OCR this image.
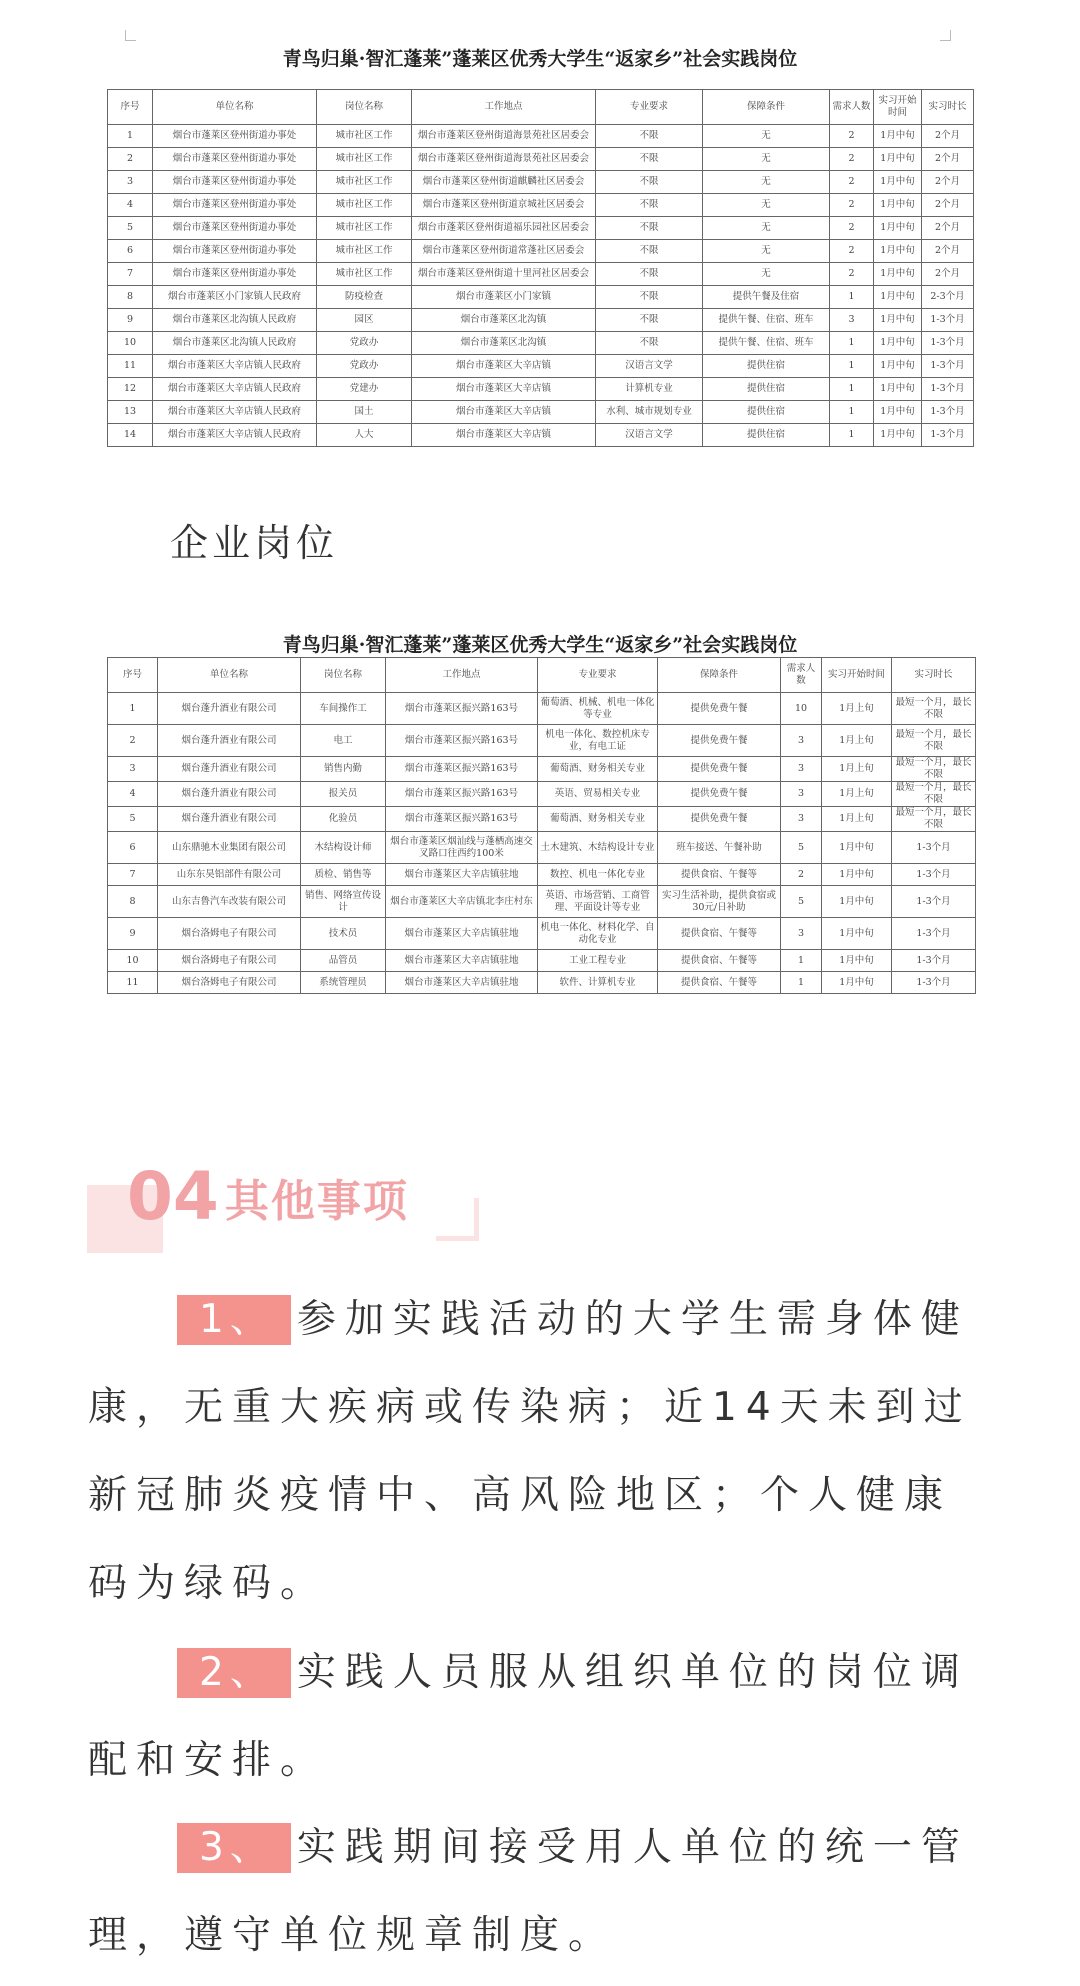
青鸟归巢·智汇蓬莱”蓬莱区优秀大学生“返家乡”社会实践岗位
序号	单位名称	岗位名称	工作地点	专业要求	保障条件	需求人数	实习开始时间	实习时长
1	烟台市蓬莱区登州街道办事处	城市社区工作	烟台市蓬莱区登州街道海景苑社区居委会	不限	无	2	1月中旬	2个月
2	烟台市蓬莱区登州街道办事处	城市社区工作	烟台市蓬莱区登州街道海景苑社区居委会	不限	无	2	1月中旬	2个月
3	烟台市蓬莱区登州街道办事处	城市社区工作	烟台市蓬莱区登州街道麒麟社区居委会	不限	无	2	1月中旬	2个月
4	烟台市蓬莱区登州街道办事处	城市社区工作	烟台市蓬莱区登州街道京城社区居委会	不限	无	2	1月中旬	2个月
5	烟台市蓬莱区登州街道办事处	城市社区工作	烟台市蓬莱区登州街道福乐园社区居委会	不限	无	2	1月中旬	2个月
6	烟台市蓬莱区登州街道办事处	城市社区工作	烟台市蓬莱区登州街道常蓬社区居委会	不限	无	2	1月中旬	2个月
7	烟台市蓬莱区登州街道办事处	城市社区工作	烟台市蓬莱区登州街道十里河社区居委会	不限	无	2	1月中旬	2个月
8	烟台市蓬莱区小门家镇人民政府	防疫检查	烟台市蓬莱区小门家镇	不限	提供午餐及住宿	1	1月中旬	2-3个月
9	烟台市蓬莱区北沟镇人民政府	园区	烟台市蓬莱区北沟镇	不限	提供午餐、住宿、班车	3	1月中旬	1-3个月
10	烟台市蓬莱区北沟镇人民政府	党政办	烟台市蓬莱区北沟镇	不限	提供午餐、住宿、班车	1	1月中旬	1-3个月
11	烟台市蓬莱区大辛店镇人民政府	党政办	烟台市蓬莱区大辛店镇	汉语言文学	提供住宿	1	1月中旬	1-3个月
12	烟台市蓬莱区大辛店镇人民政府	党建办	烟台市蓬莱区大辛店镇	计算机专业	提供住宿	1	1月中旬	1-3个月
13	烟台市蓬莱区大辛店镇人民政府	国土	烟台市蓬莱区大辛店镇	水利、城市规划专业	提供住宿	1	1月中旬	1-3个月
14	烟台市蓬莱区大辛店镇人民政府	人大	烟台市蓬莱区大辛店镇	汉语言文学	提供住宿	1	1月中旬	1-3个月
企业岗位
青鸟归巢·智汇蓬莱”蓬莱区优秀大学生“返家乡”社会实践岗位
序号	单位名称	岗位名称	工作地点	专业要求	保障条件	需求人数	实习开始时间	实习时长
1	烟台蓬升酒业有限公司	车间操作工	烟台市蓬莱区振兴路163号	葡萄酒、机械、机电一体化等专业	提供免费午餐	10	1月上旬	最短一个月，最长不限
2	烟台蓬升酒业有限公司	电工	烟台市蓬莱区振兴路163号	机电一体化、数控机床专业，有电工证	提供免费午餐	3	1月上旬	最短一个月，最长不限
3	烟台蓬升酒业有限公司	销售内勤	烟台市蓬莱区振兴路163号	葡萄酒、财务相关专业	提供免费午餐	3	1月上旬	最短一个月，最长不限
4	烟台蓬升酒业有限公司	报关员	烟台市蓬莱区振兴路163号	英语、贸易相关专业	提供免费午餐	3	1月上旬	最短一个月，最长不限
5	烟台蓬升酒业有限公司	化验员	烟台市蓬莱区振兴路163号	葡萄酒、财务相关专业	提供免费午餐	3	1月上旬	最短一个月，最长不限
6	山东鼎驰木业集团有限公司	木结构设计师	烟台市蓬莱区烟汕线与蓬栖高速交叉路口往西约100米	土木建筑、木结构设计专业	班车接送、午餐补助	5	1月中旬	1-3个月
7	山东东昊铝部件有限公司	质检、销售等	烟台市蓬莱区大辛店镇驻地	数控、机电一体化专业	提供食宿、午餐等	2	1月中旬	1-3个月
8	山东吉鲁汽车改装有限公司	销售、网络宣传设计	烟台市蓬莱区大辛店镇北李庄村东	英语、市场营销、工商管理、平面设计等专业	实习生活补助，提供食宿或30元/日补助	5	1月中旬	1-3个月
9	烟台洛姆电子有限公司	技术员	烟台市蓬莱区大辛店镇驻地	机电一体化、材料化学、自动化专业	提供食宿、午餐等	3	1月中旬	1-3个月
10	烟台洛姆电子有限公司	品管员	烟台市蓬莱区大辛店镇驻地	工业工程专业	提供食宿、午餐等	1	1月中旬	1-3个月
11	烟台洛姆电子有限公司	系统管理员	烟台市蓬莱区大辛店镇驻地	软件、计算机专业	提供食宿、午餐等	1	1月中旬	1-3个月
04 其他事项
1、 参加实践活动的大学生需身体健康，无重大疾病或传染病；近14天未到过新冠肺炎疫情中、高风险地区；个人健康码为绿码。
2、 实践人员服从组织单位的岗位调配和安排。
3、 实践期间接受用人单位的统一管理，遵守单位规章制度。
